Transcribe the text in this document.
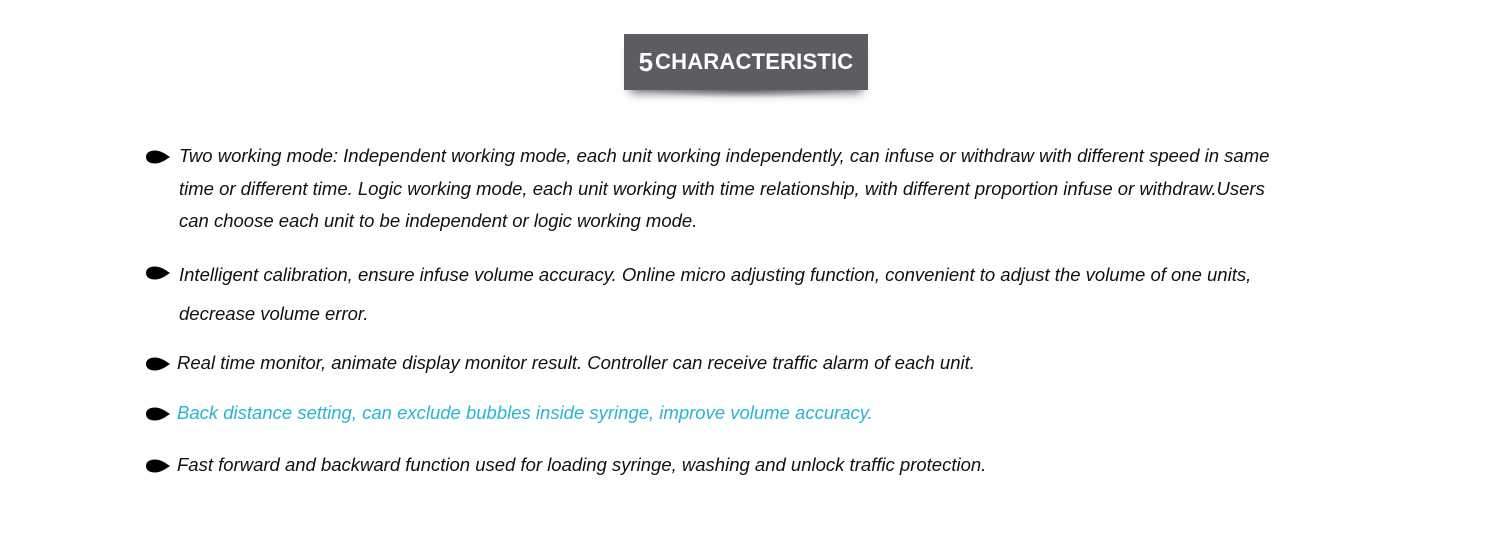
5 CHARACTERISTIC
Two working mode: Independent working mode, each unit working independently, can infuse or withdraw with different speed in same
time or different time. Logic working mode, each unit working with time relationship, with different proportion infuse or withdraw.Users
can choose each unit to be independent or logic working mode.
Intelligent calibration, ensure infuse volume accuracy. Online micro adjusting function, convenient to adjust the volume of one units,
decrease volume error.
Real time monitor, animate display monitor result. Controller can receive traffic alarm of each unit.
Back distance setting, can exclude bubbles inside syringe, improve volume accuracy.
Fast forward and backward function used for loading syringe, washing and unlock traffic protection.
